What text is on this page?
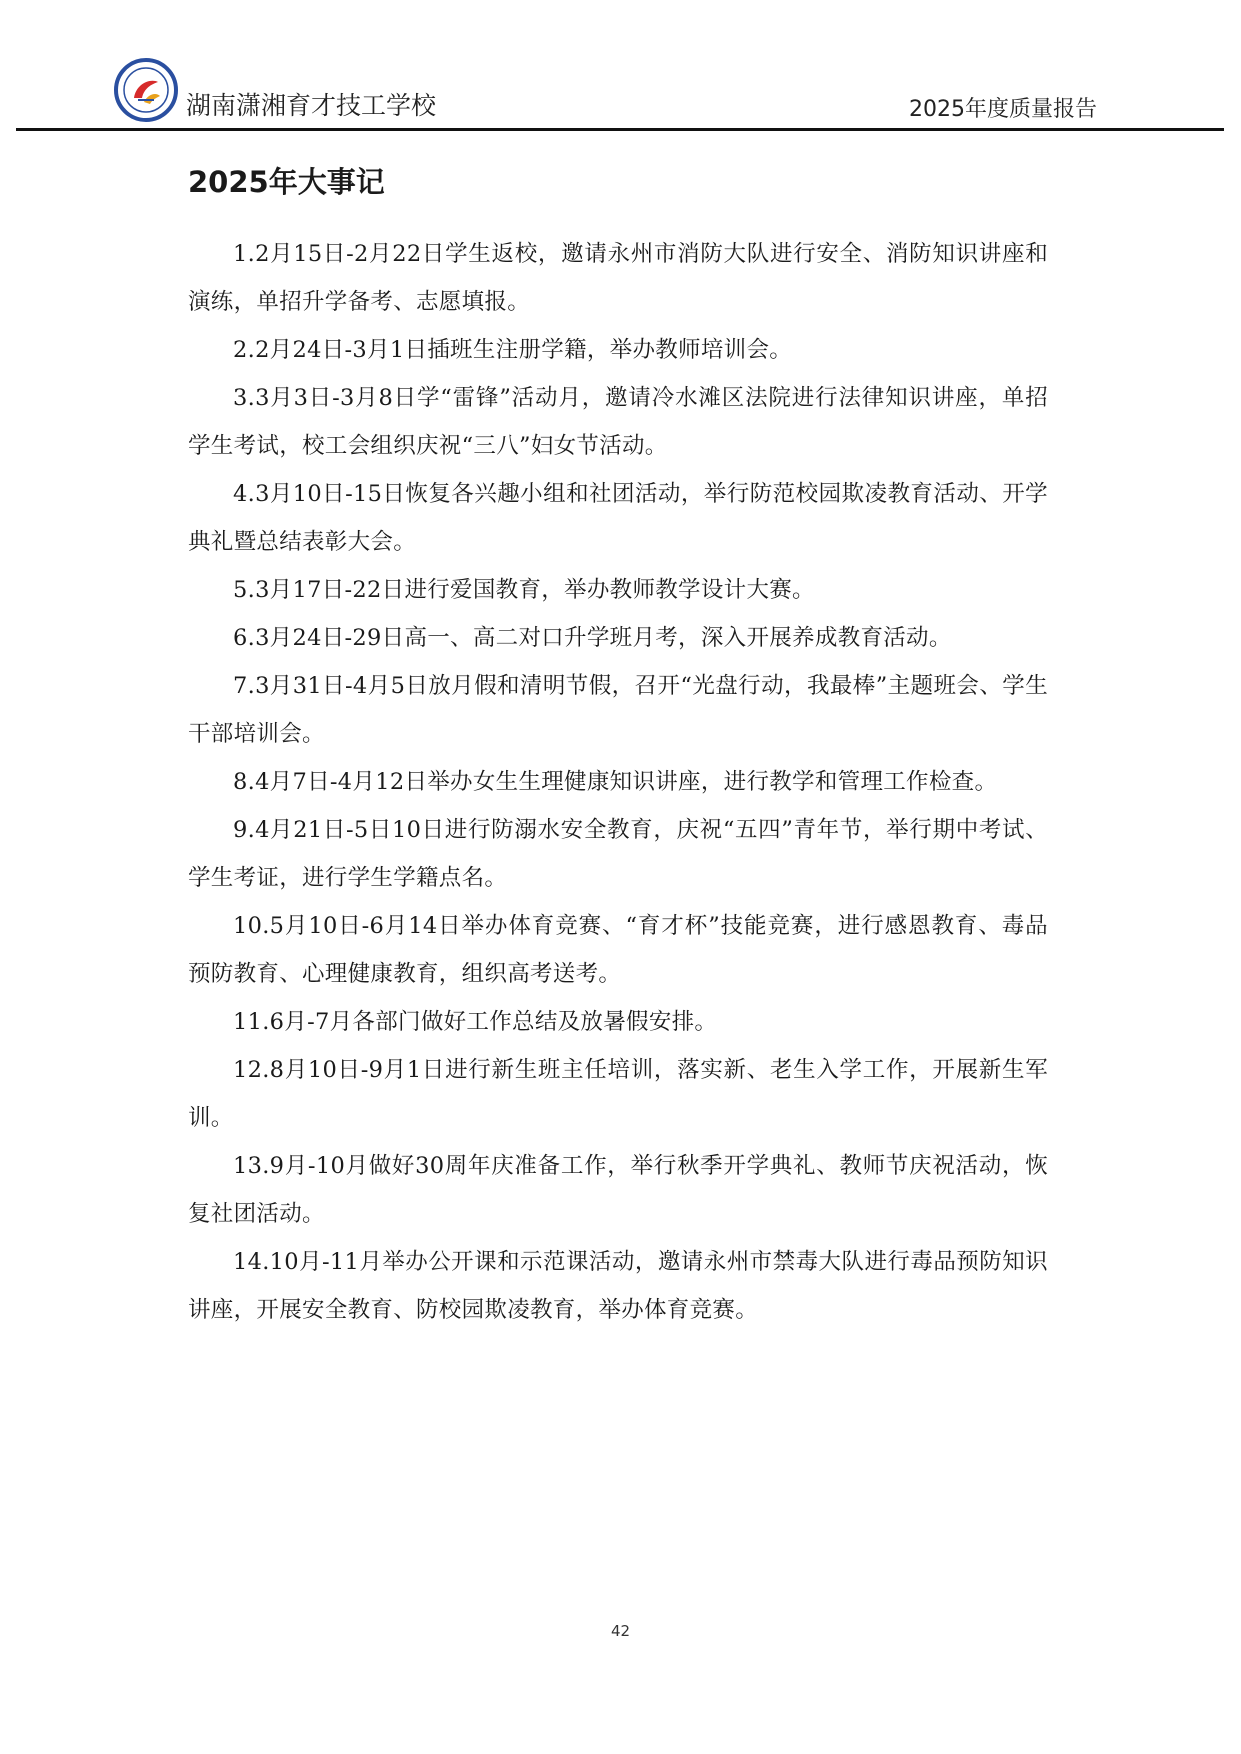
湖南潇湘育才技工学校	2025年度质量报告
2025年大事记

1.2月15日-2月22日学生返校，邀请永州市消防大队进行安全、消防知识讲座和演练，单招升学备考、志愿填报。

2.2月24日-3月1日插班生注册学籍，举办教师培训会。

3.3月3日-3月8日学“雷锋”活动月，邀请冷水滩区法院进行法律知识讲座，单招学生考试，校工会组织庆祝“三八”妇女节活动。

4.3月10日-15日恢复各兴趣小组和社团活动，举行防范校园欺凌教育活动、开学典礼暨总结表彰大会。

5.3月17日-22日进行爱国教育，举办教师教学设计大赛。

6.3月24日-29日高一、高二对口升学班月考，深入开展养成教育活动。

7.3月31日-4月5日放月假和清明节假，召开“光盘行动，我最棒”主题班会、学生干部培训会。

8.4月7日-4月12日举办女生生理健康知识讲座，进行教学和管理工作检查。

9.4月21日-5日10日进行防溺水安全教育，庆祝“五四”青年节，举行期中考试、学生考证，进行学生学籍点名。

10.5月10日-6月14日举办体育竞赛、“育才杯”技能竞赛，进行感恩教育、毒品预防教育、心理健康教育，组织高考送考。

11.6月-7月各部门做好工作总结及放暑假安排。

12.8月10日-9月1日进行新生班主任培训，落实新、老生入学工作，开展新生军训。

13.9月-10月做好30周年庆准备工作，举行秋季开学典礼、教师节庆祝活动，恢复社团活动。

14.10月-11月举办公开课和示范课活动，邀请永州市禁毒大队进行毒品预防知识讲座，开展安全教育、防校园欺凌教育，举办体育竞赛。

42
